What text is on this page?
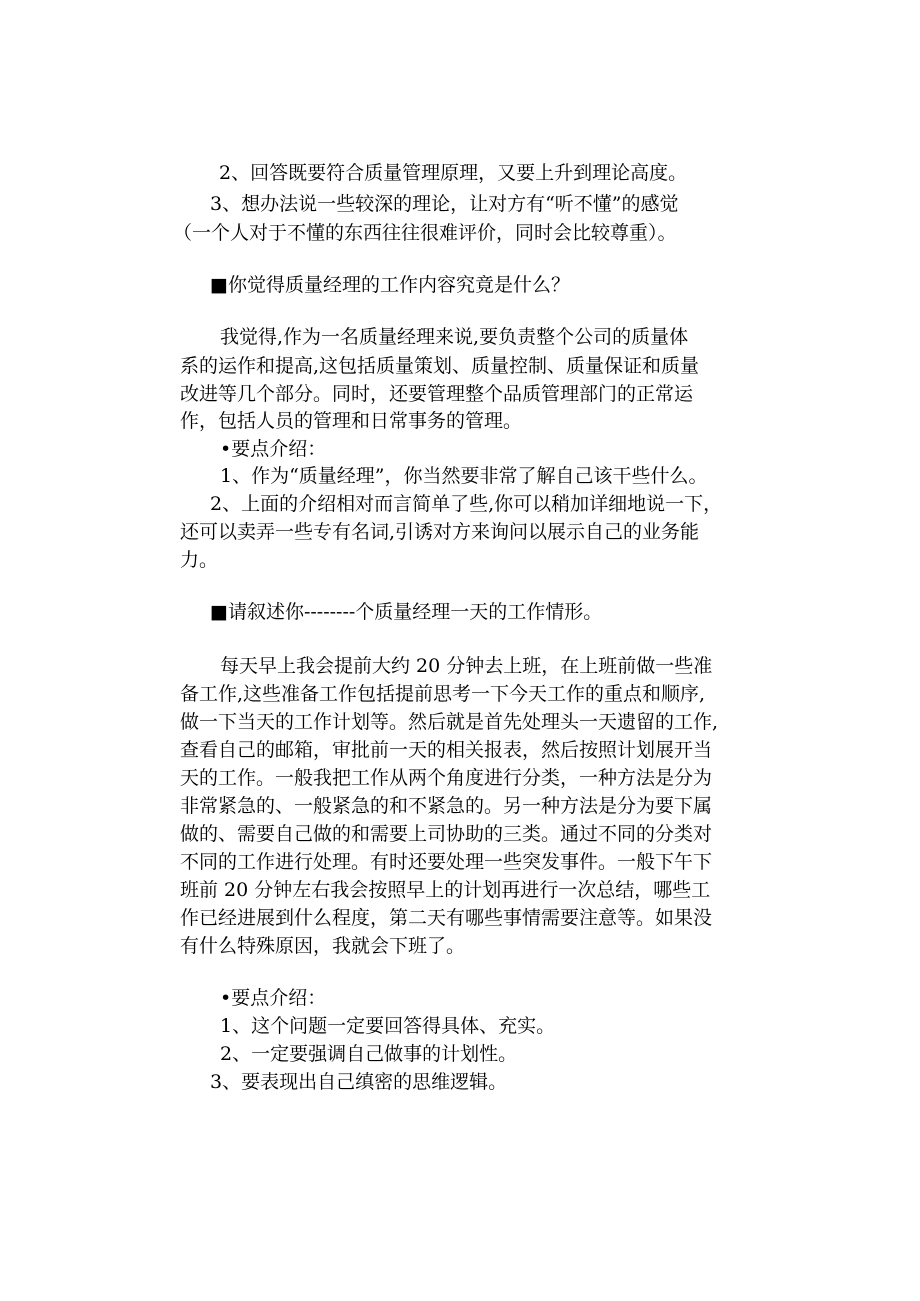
2、回答既要符合质量管理原理，又要上升到理论高度。

3、想办法说一些较深的理论，让对方有“听不懂”的感觉

（一个人对于不懂的东西往往很难评价，同时会比较尊重）。

■你觉得质量经理的工作内容究竟是什么？

我觉得,作为一名质量经理来说,要负责整个公司的质量体

系的运作和提高,这包括质量策划、质量控制、质量保证和质量

改进等几个部分。同时，还要管理整个品质管理部门的正常运

作，包括人员的管理和日常事务的管理。

•要点介绍：

1、作为“质量经理”，你当然要非常了解自己该干些什么。

2、上面的介绍相对而言简单了些,你可以稍加详细地说一下，

还可以卖弄一些专有名词,引诱对方来询问以展示自己的业务能

力。

■请叙述你--------个质量经理一天的工作情形。

每天早上我会提前大约 20 分钟去上班，在上班前做一些准

备工作,这些准备工作包括提前思考一下今天工作的重点和顺序,

做一下当天的工作计划等。然后就是首先处理头一天遗留的工作,

查看自己的邮箱，审批前一天的相关报表，然后按照计划展开当

天的工作。一般我把工作从两个角度进行分类，一种方法是分为

非常紧急的、一般紧急的和不紧急的。另一种方法是分为要下属

做的、需要自己做的和需要上司协助的三类。通过不同的分类对

不同的工作进行处理。有时还要处理一些突发事件。一般下午下

班前 20 分钟左右我会按照早上的计划再进行一次总结，哪些工

作已经进展到什么程度，第二天有哪些事情需要注意等。如果没

有什么特殊原因，我就会下班了。

•要点介绍：

1、这个问题一定要回答得具体、充实。

2、一定要强调自己做事的计划性。

3、要表现出自己缜密的思维逻辑。
